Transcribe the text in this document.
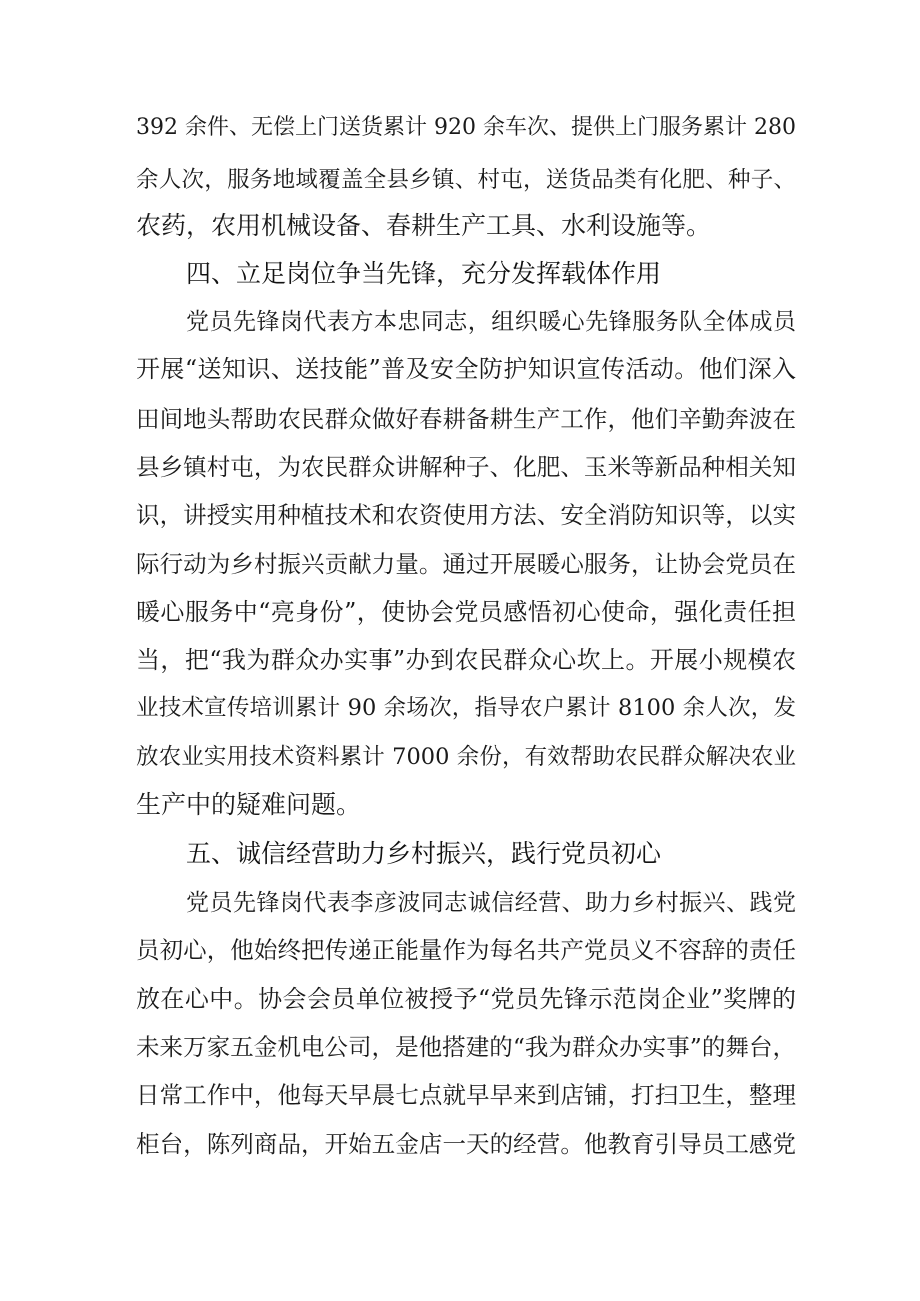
392 余件、无偿上门送货累计 920 余车次、提供上门服务累计 280

余人次，服务地域覆盖全县乡镇、村屯，送货品类有化肥、种子、

农药，农用机械设备、春耕生产工具、水利设施等。

四、立足岗位争当先锋，充分发挥载体作用

党员先锋岗代表方本忠同志，组织暖心先锋服务队全体成员

开展“送知识、送技能”普及安全防护知识宣传活动。他们深入

田间地头帮助农民群众做好春耕备耕生产工作，他们辛勤奔波在

县乡镇村屯，为农民群众讲解种子、化肥、玉米等新品种相关知

识，讲授实用种植技术和农资使用方法、安全消防知识等，以实

际行动为乡村振兴贡献力量。通过开展暖心服务，让协会党员在

暖心服务中“亮身份”，使协会党员感悟初心使命，强化责任担

当，把“我为群众办实事”办到农民群众心坎上。开展小规模农

业技术宣传培训累计 90 余场次，指导农户累计 8100 余人次，发

放农业实用技术资料累计 7000 余份，有效帮助农民群众解决农业

生产中的疑难问题。

五、诚信经营助力乡村振兴，践行党员初心

党员先锋岗代表李彦波同志诚信经营、助力乡村振兴、践党

员初心，他始终把传递正能量作为每名共产党员义不容辞的责任

放在心中。协会会员单位被授予“党员先锋示范岗企业”奖牌的

未来万家五金机电公司，是他搭建的“我为群众办实事”的舞台，

日常工作中，他每天早晨七点就早早来到店铺，打扫卫生，整理

柜台，陈列商品，开始五金店一天的经营。他教育引导员工感党
